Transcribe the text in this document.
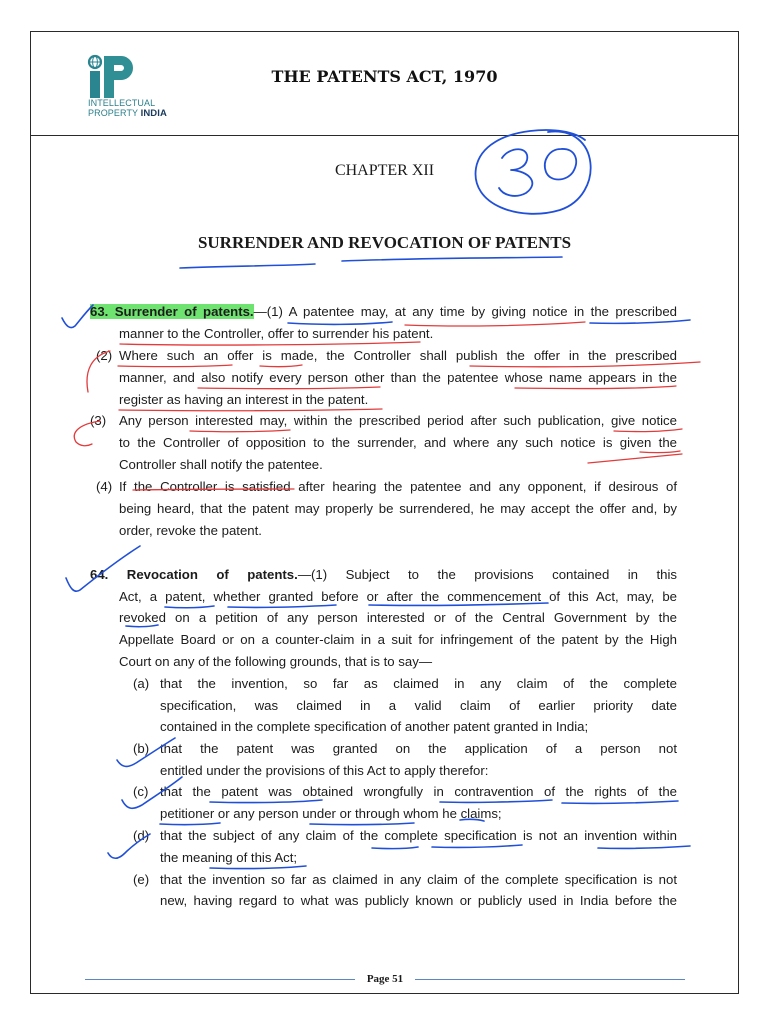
INTELLECTUAL
PROPERTY INDIA
THE PATENTS ACT, 1970
CHAPTER XII
SURRENDER AND REVOCATION OF PATENTS
63. Surrender of patents.—(1) A patentee may, at any time by giving notice in the prescribed
manner to the Controller, offer to surrender his patent.
(2) Where such an offer is made, the Controller shall publish the offer in the prescribed
manner, and also notify every person other than the patentee whose name appears in the
register as having an interest in the patent.
(3) Any person interested may, within the prescribed period after such publication, give notice
to the Controller of opposition to the surrender, and where any such notice is given the
Controller shall notify the patentee.
(4) If the Controller is satisfied after hearing the patentee and any opponent, if desirous of
being heard, that the patent may properly be surrendered, he may accept the offer and, by
order, revoke the patent.
64. Revocation of patents.—(1) Subject to the provisions contained in this
Act, a patent, whether granted before or after the commencement of this Act, may, be
revoked on a petition of any person interested or of the Central Government by the
Appellate Board or on a counter-claim in a suit for infringement of the patent by the High
Court on any of the following grounds, that is to say—
(a) that the invention, so far as claimed in any claim of the complete
specification, was claimed in a valid claim of earlier priority date
contained in the complete specification of another patent granted in India;
(b) that the patent was granted on the application of a person not
entitled under the provisions of this Act to apply therefor:
(c) that the patent was obtained wrongfully in contravention of the rights of the
petitioner or any person under or through whom he claims;
(d) that the subject of any claim of the complete specification is not an invention within
the meaning of this Act;
(e) that the invention so far as claimed in any claim of the complete specification is not
new, having regard to what was publicly known or publicly used in India before the
Page 51
